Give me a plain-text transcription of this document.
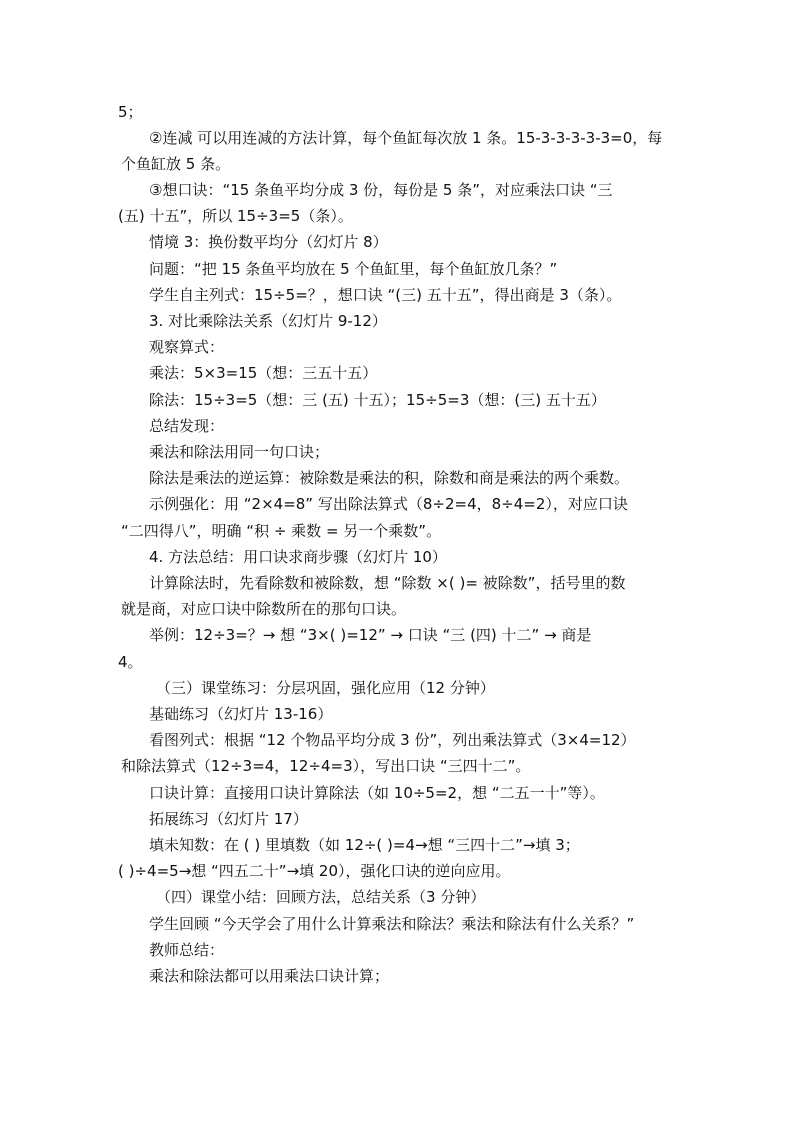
5；
②连减 可以用连减的方法计算，每个鱼缸每次放 1 条。15-3-3-3-3-3=0，每
个鱼缸放 5 条。
③想口诀：“15 条鱼平均分成 3 份，每份是 5 条”，对应乘法口诀 “三
(五) 十五”，所以 15÷3=5（条）。
情境 3：换份数平均分（幻灯片 8）
问题：“把 15 条鱼平均放在 5 个鱼缸里，每个鱼缸放几条？”
学生自主列式：15÷5=？，想口诀 “(三) 五十五”，得出商是 3（条）。
3. 对比乘除法关系（幻灯片 9-12）
观察算式：
乘法：5×3=15（想：三五十五）
除法：15÷3=5（想：三 (五) 十五）；15÷5=3（想：(三) 五十五）
总结发现：
乘法和除法用同一句口诀；
除法是乘法的逆运算：被除数是乘法的积，除数和商是乘法的两个乘数。
示例强化：用 “2×4=8” 写出除法算式（8÷2=4，8÷4=2），对应口诀
“二四得八”，明确 “积 ÷ 乘数 = 另一个乘数”。
4. 方法总结：用口诀求商步骤（幻灯片 10）
计算除法时，先看除数和被除数，想 “除数 ×( )= 被除数”，括号里的数
就是商，对应口诀中除数所在的那句口诀。
举例：12÷3=？→ 想 “3×( )=12” → 口诀 “三 (四) 十二” → 商是
4。
（三）课堂练习：分层巩固，强化应用（12 分钟）
基础练习（幻灯片 13-16）
看图列式：根据 “12 个物品平均分成 3 份”，列出乘法算式（3×4=12）
和除法算式（12÷3=4，12÷4=3），写出口诀 “三四十二”。
口诀计算：直接用口诀计算除法（如 10÷5=2，想 “二五一十”等）。
拓展练习（幻灯片 17）
填未知数：在 ( ) 里填数（如 12÷( )=4→想 “三四十二”→填 3；
( )÷4=5→想 “四五二十”→填 20），强化口诀的逆向应用。
（四）课堂小结：回顾方法，总结关系（3 分钟）
学生回顾 “今天学会了用什么计算乘法和除法？乘法和除法有什么关系？”
教师总结：
乘法和除法都可以用乘法口诀计算；
